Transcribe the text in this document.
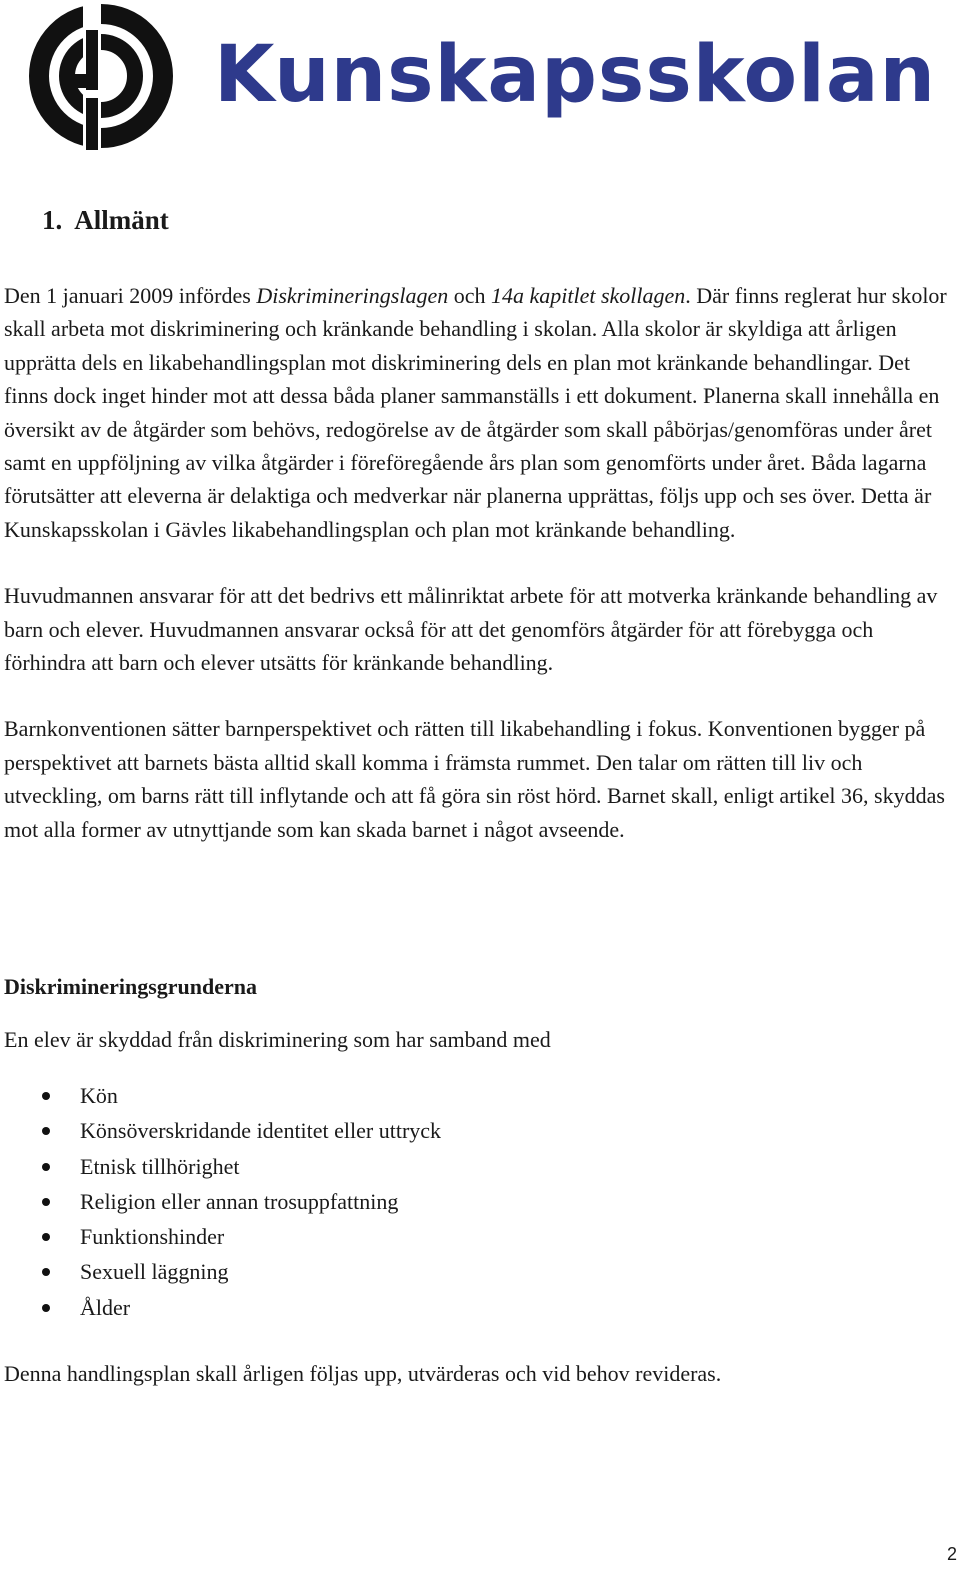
Kunskapsskolan
1. Allmänt

Den 1 januari 2009 infördes Diskrimineringslagen och 14a kapitlet skollagen. Där finns reglerat hur skolor skall arbeta mot diskriminering och kränkande behandling i skolan. Alla skolor är skyldiga att årligen upprätta dels en likabehandlingsplan mot diskriminering dels en plan mot kränkande behandlingar. Det finns dock inget hinder mot att dessa båda planer sammanställs i ett dokument. Planerna skall innehålla en översikt av de åtgärder som behövs, redogörelse av de åtgärder som skall påbörjas/genomföras under året samt en uppföljning av vilka åtgärder i föreföregående års plan som genomförts under året. Båda lagarna förutsätter att eleverna är delaktiga och medverkar när planerna upprättas, följs upp och ses över. Detta är Kunskapsskolan i Gävles likabehandlingsplan och plan mot kränkande behandling.

Huvudmannen ansvarar för att det bedrivs ett målinriktat arbete för att motverka kränkande behandling av barn och elever. Huvudmannen ansvarar också för att det genomförs åtgärder för att förebygga och förhindra att barn och elever utsätts för kränkande behandling.

Barnkonventionen sätter barnperspektivet och rätten till likabehandling i fokus. Konventionen bygger på perspektivet att barnets bästa alltid skall komma i främsta rummet. Den talar om rätten till liv och utveckling, om barns rätt till inflytande och att få göra sin röst hörd. Barnet skall, enligt artikel 36, skyddas mot alla former av utnyttjande som kan skada barnet i något avseende.

Diskrimineringsgrunderna

En elev är skyddad från diskriminering som har samband med

Kön
Könsöverskridande identitet eller uttryck
Etnisk tillhörighet
Religion eller annan trosuppfattning
Funktionshinder
Sexuell läggning
Ålder

Denna handlingsplan skall årligen följas upp, utvärderas och vid behov revideras.

2
